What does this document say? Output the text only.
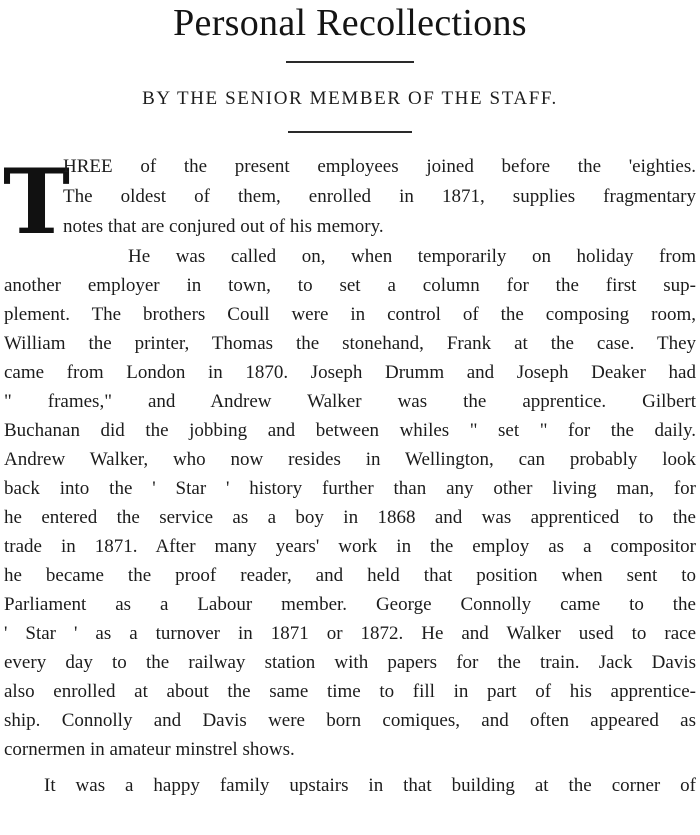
Personal Recollections
BY THE SENIOR MEMBER OF THE STAFF.
T
HREE of the present employees joined before the 'eighties.
The oldest of them, enrolled in 1871, supplies fragmentary
notes that are conjured out of his memory.
He was called on, when temporarily on holiday from
another employer in town, to set a column for the first sup-
plement. The brothers Coull were in control of the composing room,
William the printer, Thomas the stonehand, Frank at the case. They
came from London in 1870. Joseph Drumm and Joseph Deaker had
" frames," and Andrew Walker was the apprentice. Gilbert
Buchanan did the jobbing and between whiles " set " for the daily.
Andrew Walker, who now resides in Wellington, can probably look
back into the ' Star ' history further than any other living man, for
he entered the service as a boy in 1868 and was apprenticed to the
trade in 1871. After many years' work in the employ as a compositor
he became the proof reader, and held that position when sent to
Parliament as a Labour member. George Connolly came to the
' Star ' as a turnover in 1871 or 1872. He and Walker used to race
every day to the railway station with papers for the train. Jack Davis
also enrolled at about the same time to fill in part of his apprentice-
ship. Connolly and Davis were born comiques, and often appeared as
cornermen in amateur minstrel shows.
It was a happy family upstairs in that building at the corner of
